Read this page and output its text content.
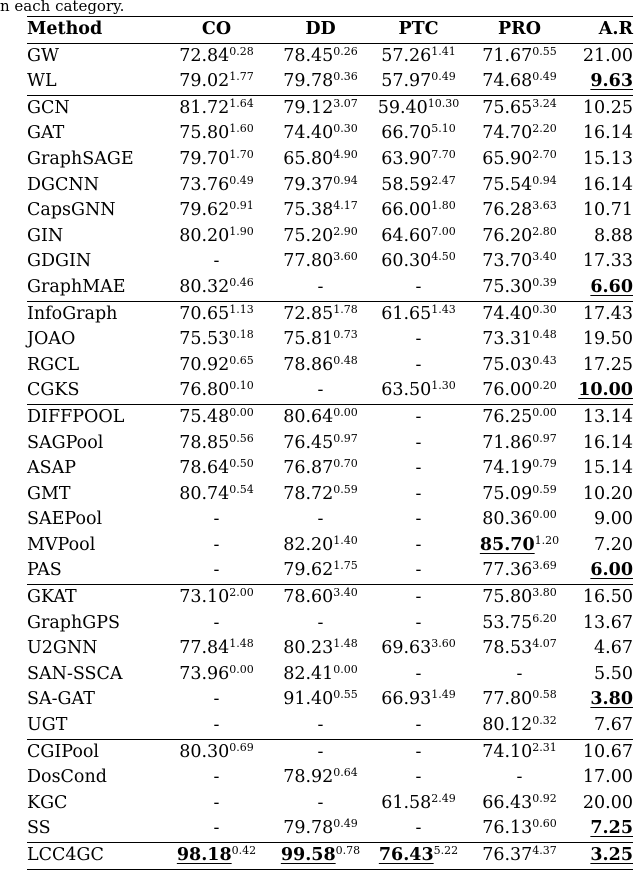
n each category.
Method	CO	DD	PTC	PRO	A.R
GW	$72.84^{0.28}$	$78.45^{0.26}$	$57.26^{1.41}$	$71.67^{0.55}$	21.00
WL	$79.02^{1.77}$	$79.78^{0.36}$	$57.97^{0.49}$	$74.68^{0.49}$	9.63
GCN	$81.72^{1.64}$	$79.12^{3.07}$	$59.40^{10.30}$	$75.65^{3.24}$	10.25
GAT	$75.80^{1.60}$	$74.40^{0.30}$	$66.70^{5.10}$	$74.70^{2.20}$	16.14
GraphSAGE	$79.70^{1.70}$	$65.80^{4.90}$	$63.90^{7.70}$	$65.90^{2.70}$	15.13
DGCNN	$73.76^{0.49}$	$79.37^{0.94}$	$58.59^{2.47}$	$75.54^{0.94}$	16.14
CapsGNN	$79.62^{0.91}$	$75.38^{4.17}$	$66.00^{1.80}$	$76.28^{3.63}$	10.71
GIN	$80.20^{1.90}$	$75.20^{2.90}$	$64.60^{7.00}$	$76.20^{2.80}$	8.88
GDGIN	-	$77.80^{3.60}$	$60.30^{4.50}$	$73.70^{3.40}$	17.33
GraphMAE	$80.32^{0.46}$	-	-	$75.30^{0.39}$	6.60
InfoGraph	$70.65^{1.13}$	$72.85^{1.78}$	$61.65^{1.43}$	$74.40^{0.30}$	17.43
JOAO	$75.53^{0.18}$	$75.81^{0.73}$	-	$73.31^{0.48}$	19.50
RGCL	$70.92^{0.65}$	$78.86^{0.48}$	-	$75.03^{0.43}$	17.25
CGKS	$76.80^{0.10}$	-	$63.50^{1.30}$	$76.00^{0.20}$	10.00
DIFFPOOL	$75.48^{0.00}$	$80.64^{0.00}$	-	$76.25^{0.00}$	13.14
SAGPool	$78.85^{0.56}$	$76.45^{0.97}$	-	$71.86^{0.97}$	16.14
ASAP	$78.64^{0.50}$	$76.87^{0.70}$	-	$74.19^{0.79}$	15.14
GMT	$80.74^{0.54}$	$78.72^{0.59}$	-	$75.09^{0.59}$	10.20
SAEPool	-	-	-	$80.36^{0.00}$	9.00
MVPool	-	$82.20^{1.40}$	-	$85.70^{1.20}$	7.20
PAS	-	$79.62^{1.75}$	-	$77.36^{3.69}$	6.00
GKAT	$73.10^{2.00}$	$78.60^{3.40}$	-	$75.80^{3.80}$	16.50
GraphGPS	-	-	-	$53.75^{6.20}$	13.67
U2GNN	$77.84^{1.48}$	$80.23^{1.48}$	$69.63^{3.60}$	$78.53^{4.07}$	4.67
SAN-SSCA	$73.96^{0.00}$	$82.41^{0.00}$	-	-	5.50
SA-GAT	-	$91.40^{0.55}$	$66.93^{1.49}$	$77.80^{0.58}$	3.80
UGT	-	-	-	$80.12^{0.32}$	7.67
CGIPool	$80.30^{0.69}$	-	-	$74.10^{2.31}$	10.67
DosCond	-	$78.92^{0.64}$	-	-	17.00
KGC	-	-	$61.58^{2.49}$	$66.43^{0.92}$	20.00
SS	-	$79.78^{0.49}$	-	$76.13^{0.60}$	7.25
LCC4GC	$98.18^{0.42}$	$99.58^{0.78}$	$76.43^{5.22}$	$76.37^{4.37}$	3.25
